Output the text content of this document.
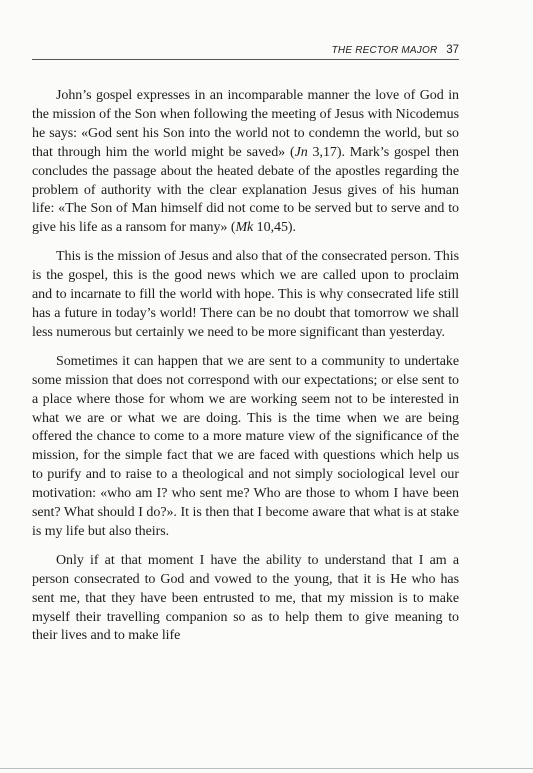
THE RECTOR MAJOR 37

John’s gospel expresses in an incomparable manner the love of God in the mission of the Son when following the meeting of Jesus with Nicodemus he says: «God sent his Son into the world not to condemn the world, but so that through him the world might be saved» (Jn 3,17). Mark’s gospel then concludes the passage about the heated debate of the apostles regarding the problem of authority with the clear explanation Jesus gives of his human life: «The Son of Man himself did not come to be served but to serve and to give his life as a ransom for many» (Mk 10,45).

This is the mission of Jesus and also that of the consecrated person. This is the gospel, this is the good news which we are called upon to proclaim and to incarnate to fill the world with hope. This is why consecrated life still has a future in today’s world! There can be no doubt that tomorrow we shall less numerous but certainly we need to be more significant than yesterday.

Sometimes it can happen that we are sent to a community to undertake some mission that does not correspond with our expectations; or else sent to a place where those for whom we are working seem not to be interested in what we are or what we are doing. This is the time when we are being offered the chance to come to a more mature view of the significance of the mission, for the simple fact that we are faced with questions which help us to purify and to raise to a theological and not simply sociological level our motivation: «who am I? who sent me? Who are those to whom I have been sent? What should I do?». It is then that I become aware that what is at stake is my life but also theirs.

Only if at that moment I have the ability to understand that I am a person consecrated to God and vowed to the young, that it is He who has sent me, that they have been entrusted to me, that my mission is to make myself their travelling companion so as to help them to give meaning to their lives and to make life
